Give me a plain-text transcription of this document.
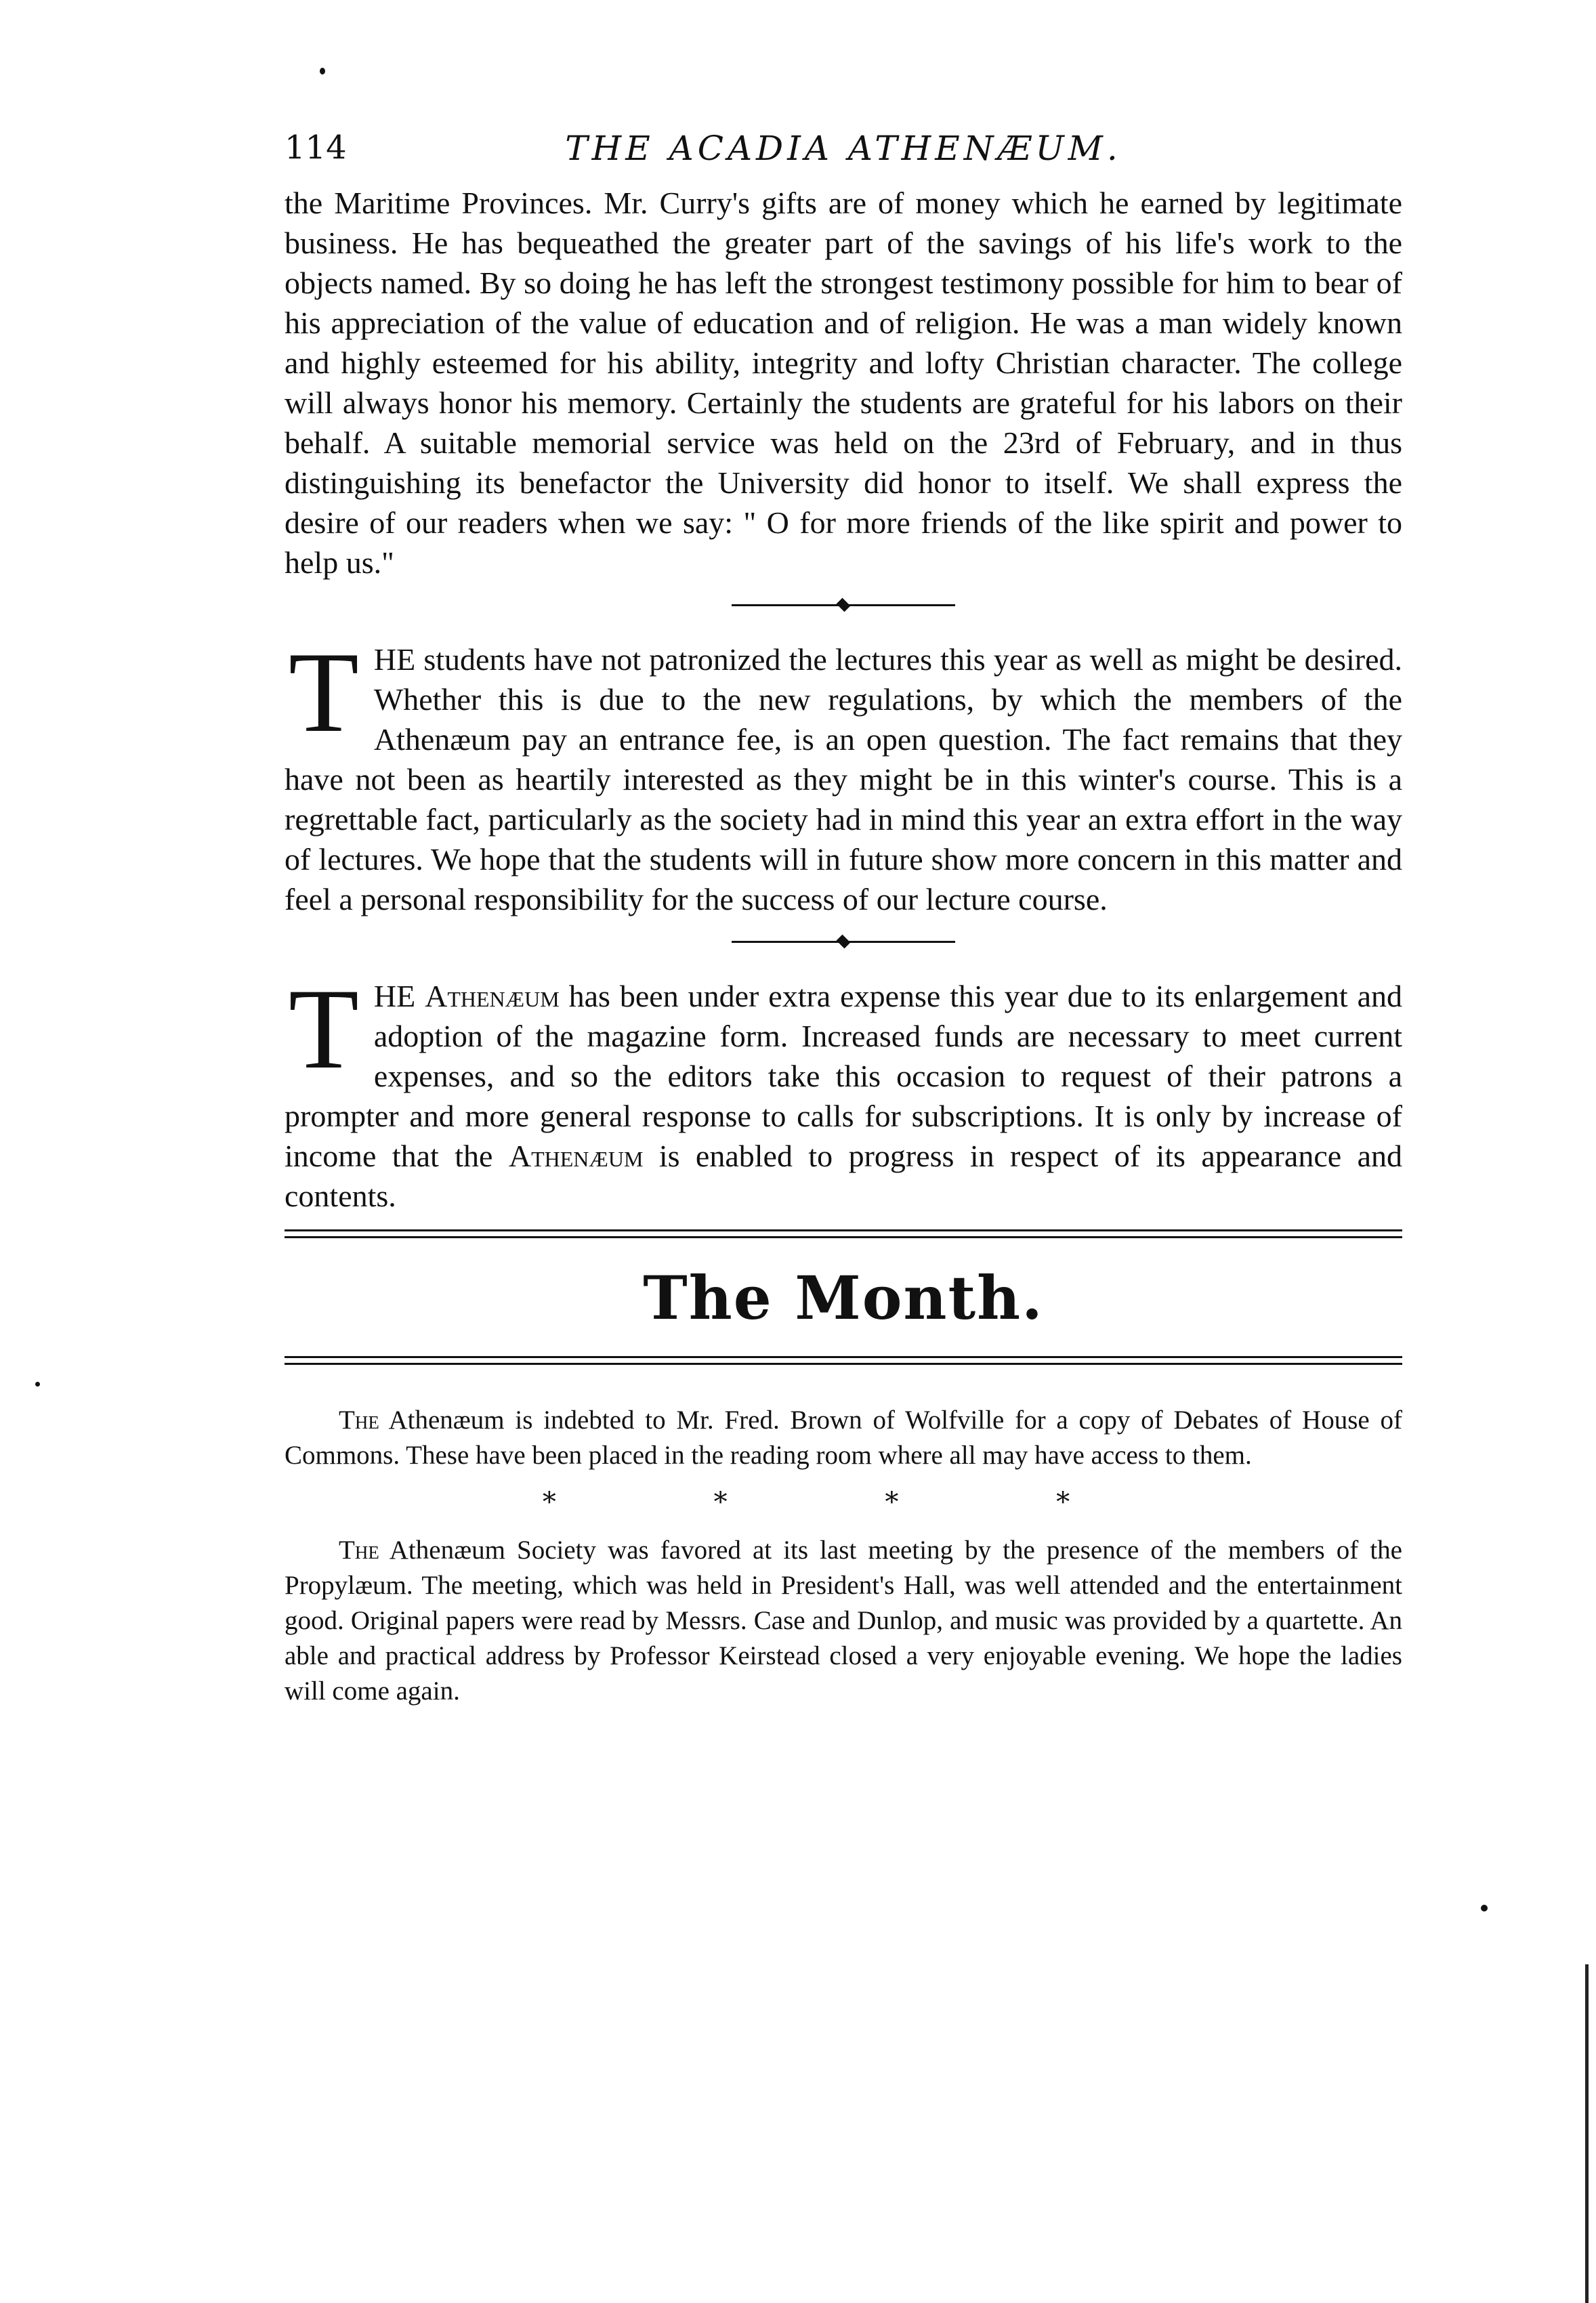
114	THE ACADIA ATHENÆUM.

the Maritime Provinces. Mr. Curry's gifts are of money which he earned by legitimate business. He has bequeathed the greater part of the savings of his life's work to the objects named. By so doing he has left the strongest testimony possible for him to bear of his appreciation of the value of education and of religion. He was a man widely known and highly esteemed for his ability, integrity and lofty Christian character. The college will always honor his memory. Certainly the students are grateful for his labors on their behalf. A suitable memorial service was held on the 23rd of February, and in thus distinguishing its benefactor the University did honor to itself. We shall express the desire of our readers when we say: " O for more friends of the like spirit and power to help us."

THE students have not patronized the lectures this year as well as might be desired. Whether this is due to the new regulations, by which the members of the Athenæum pay an entrance fee, is an open question. The fact remains that they have not been as heartily interested as they might be in this winter's course. This is a regrettable fact, particularly as the society had in mind this year an extra effort in the way of lectures. We hope that the students will in future show more concern in this matter and feel a personal responsibility for the success of our lecture course.

THE Athenæum has been under extra expense this year due to its enlargement and adoption of the magazine form. Increased funds are necessary to meet current expenses, and so the editors take this occasion to request of their patrons a prompter and more general response to calls for subscriptions. It is only by increase of income that the Athenæum is enabled to progress in respect of its appearance and contents.

The Month.

The Athenæum is indebted to Mr. Fred. Brown of Wolfville for a copy of Debates of House of Commons. These have been placed in the reading room where all may have access to them.

* * * *

The Athenæum Society was favored at its last meeting by the presence of the members of the Propylæum. The meeting, which was held in President's Hall, was well attended and the entertainment good. Original papers were read by Messrs. Case and Dunlop, and music was provided by a quartette. An able and practical address by Professor Keirstead closed a very enjoyable evening. We hope the ladies will come again.
